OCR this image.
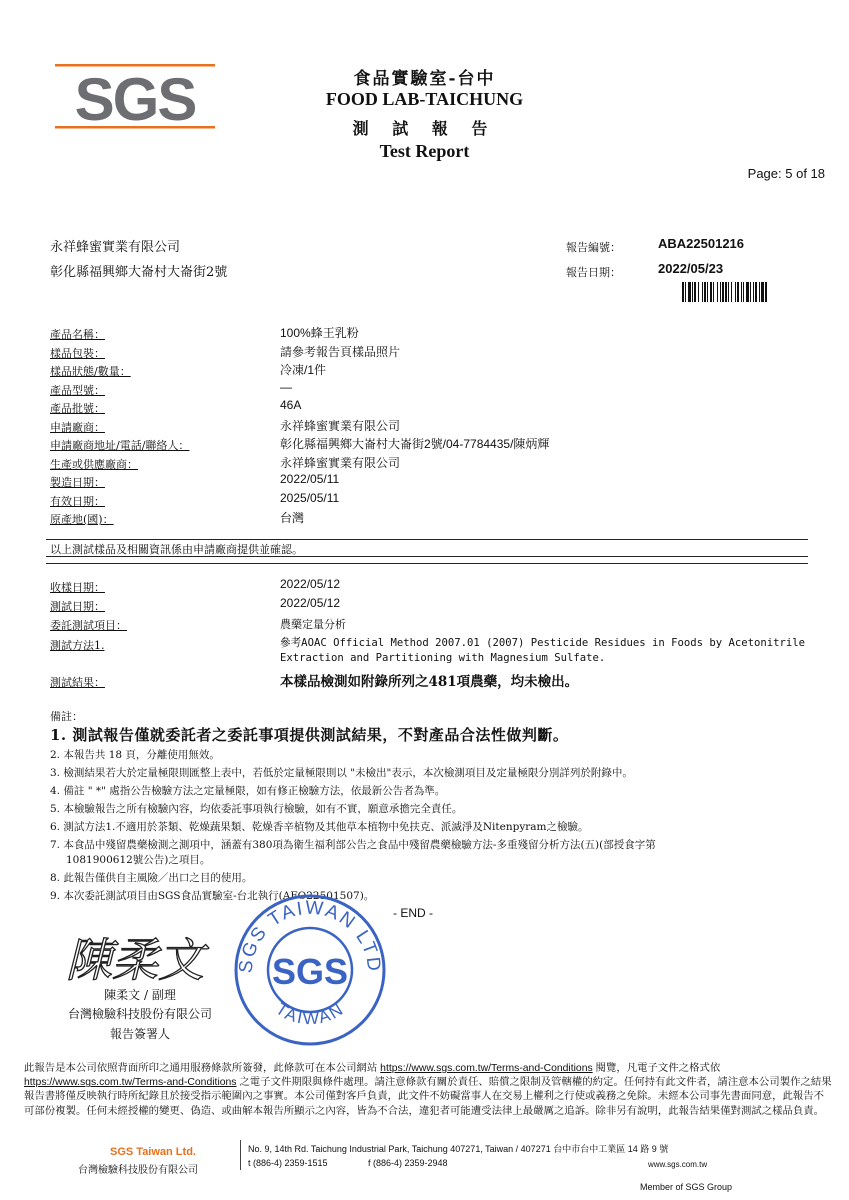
SGS	食品實驗室-台中
FOOD LAB-TAICHUNG
測 試 報 告
Test Report
Page: 5 of 18
永祥蜂蜜實業有限公司
彰化縣福興鄉大崙村大崙街2號
報告編號：	ABA22501216
報告日期：	2022/05/23
產品名稱：	100%蜂王乳粉
樣品包裝：	請參考報告頁樣品照片
樣品狀態/數量：	冷凍/1件
產品型號：	—
產品批號：	46A
申請廠商：	永祥蜂蜜實業有限公司
申請廠商地址/電話/聯絡人：	彰化縣福興鄉大崙村大崙街2號/04-7784435/陳炳輝
生產或供應廠商：	永祥蜂蜜實業有限公司
製造日期：	2022/05/11
有效日期：	2025/05/11
原產地(國)：	台灣
以上測試樣品及相關資訊係由申請廠商提供並確認。
收樣日期：	2022/05/12
測試日期：	2022/05/12
委託測試項目：	農藥定量分析
測試方法1.	參考AOAC Official Method 2007.01 (2007) Pesticide Residues in Foods by Acetonitrile
Extraction and Partitioning with Magnesium Sulfate.
測試結果：	本樣品檢測如附錄所列之481項農藥，均未檢出。
備註：
1. 測試報告僅就委託者之委託事項提供測試結果，不對產品合法性做判斷。
2. 本報告共 18 頁，分離使用無效。
3. 檢測結果若大於定量極限則匯整上表中，若低於定量極限則以 "未檢出"表示，本次檢測項目及定量極限分別詳列於附錄中。
4. 備註 " *" 處指公告檢驗方法之定量極限，如有修正檢驗方法，依最新公告者為準。
5. 本檢驗報告之所有檢驗內容，均依委託事項執行檢驗，如有不實，願意承擔完全責任。
6. 測試方法1.不適用於茶類、乾燥蔬果類、乾燥香辛植物及其他草本植物中免扶克、派滅淨及Nitenpyram之檢驗。
7. 本食品中殘留農藥檢測之測項中，涵蓋有380項為衛生福利部公告之食品中殘留農藥檢驗方法-多重殘留分析方法(五)(部授食字第
1081900612號公告)之項目。
8. 此報告僅供自主風險／出口之目的使用。
9. 本次委託測試項目由SGS食品實驗室-台北執行(AFO22501507)。
- END -
陳柔文
陳柔文 / 副理
台灣檢驗科技股份有限公司
報告簽署人
SGS TAIWAN LTD
SGS
TAIWAN
此報告是本公司依照背面所印之通用服務條款所簽發，此條款可在本公司網站 https://www.sgs.com.tw/Terms-and-Conditions 閱覽，凡電子文件之格式依 https://www.sgs.com.tw/Terms-and-Conditions 之電子文件期限與條件處理。請注意條款有關於責任、賠償之限制及管轄權的約定。任何持有此文件者，請注意本公司製作之結果報告書將僅反映執行時所紀錄且於接受指示範圍內之事實。本公司僅對客戶負責，此文件不妨礙當事人在交易上權利之行使或義務之免除。未經本公司事先書面同意，此報告不可部份複製。任何未經授權的變更、偽造、或曲解本報告所顯示之內容，皆為不合法，違犯者可能遭受法律上最嚴厲之追訴。除非另有說明，此報告結果僅對測試之樣品負責。
SGS Taiwan Ltd.
台灣檢驗科技股份有限公司
No. 9, 14th Rd. Taichung Industrial Park, Taichung 407271, Taiwan / 407271 台中市台中工業區 14 路 9 號
t (886-4) 2359-1515	f (886-4) 2359-2948	www.sgs.com.tw
Member of SGS Group
